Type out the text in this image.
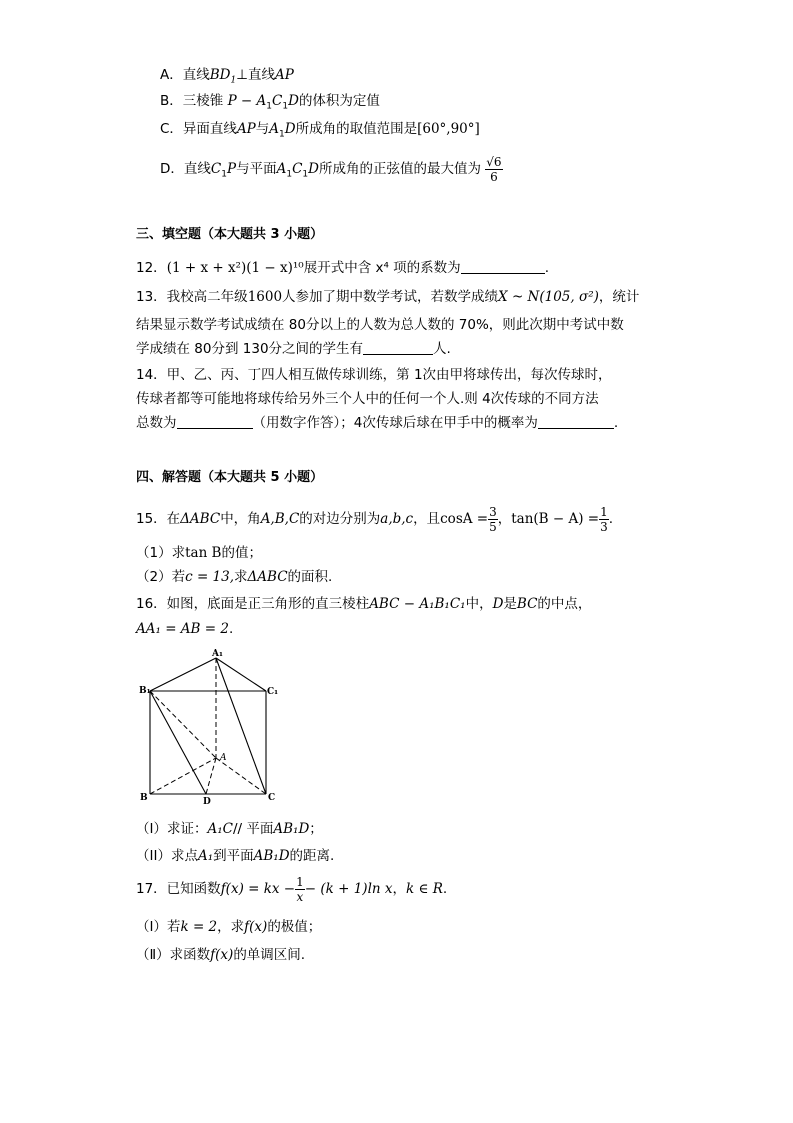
A．直线$BD_1\perp$直线AP
B．三棱锥 $P - A_1C_1D$的体积为定值
C．异面直线AP与$A_1D$所成角的取值范围是[60°,90°]
D．直线$C_1P$与平面$A_1C_1D$所成角的正弦值的最大值为 $\frac{√6}{6}$
三、填空题（本大题共 3 小题）
12．(1 + x + x²)(1 − x)¹⁰展开式中含 x⁴ 项的系数为	.
13．我校高二年级1600人参加了期中数学考试，若数学成绩X ~ N(105, σ²)，统计
结果显示数学考试成绩在 80分以上的人数为总人数的 70%，则此次期中考试中数
学成绩在 80分到 130分之间的学生有	人.
14．甲、乙、丙、丁四人相互做传球训练，第 1次由甲将球传出，每次传球时，
传球者都等可能地将球传给另外三个人中的任何一个人.则 4次传球的不同方法
总数为	（用数字作答）；4次传球后球在甲手中的概率为	.
四、解答题（本大题共 5 小题）
15．在ΔABC中，角A,B,C的对边分别为a,b,c，且$\cos A = \frac{3}{5}$ ，$\tan(B - A) = \frac{1}{3}$ .
（1）求tan B的值；
（2）若c = 13,求ΔABC的面积.
16．如图，底面是正三角形的直三棱柱ABC − A₁B₁C₁中，D是BC的中点，
AA₁ = AB = 2.
A₁
B₁	C₁
A
B	C
D
（I）求证：A₁C// 平面AB₁D；
（II）求点A₁到平面AB₁D的距离.
17．已知函数f(x) = kx − $\frac{1}{x} - (k + 1)\ln$ x，k ∈ R.
（Ⅰ）若k = 2，求f(x)的极值；
（Ⅱ）求函数f(x)的单调区间.
